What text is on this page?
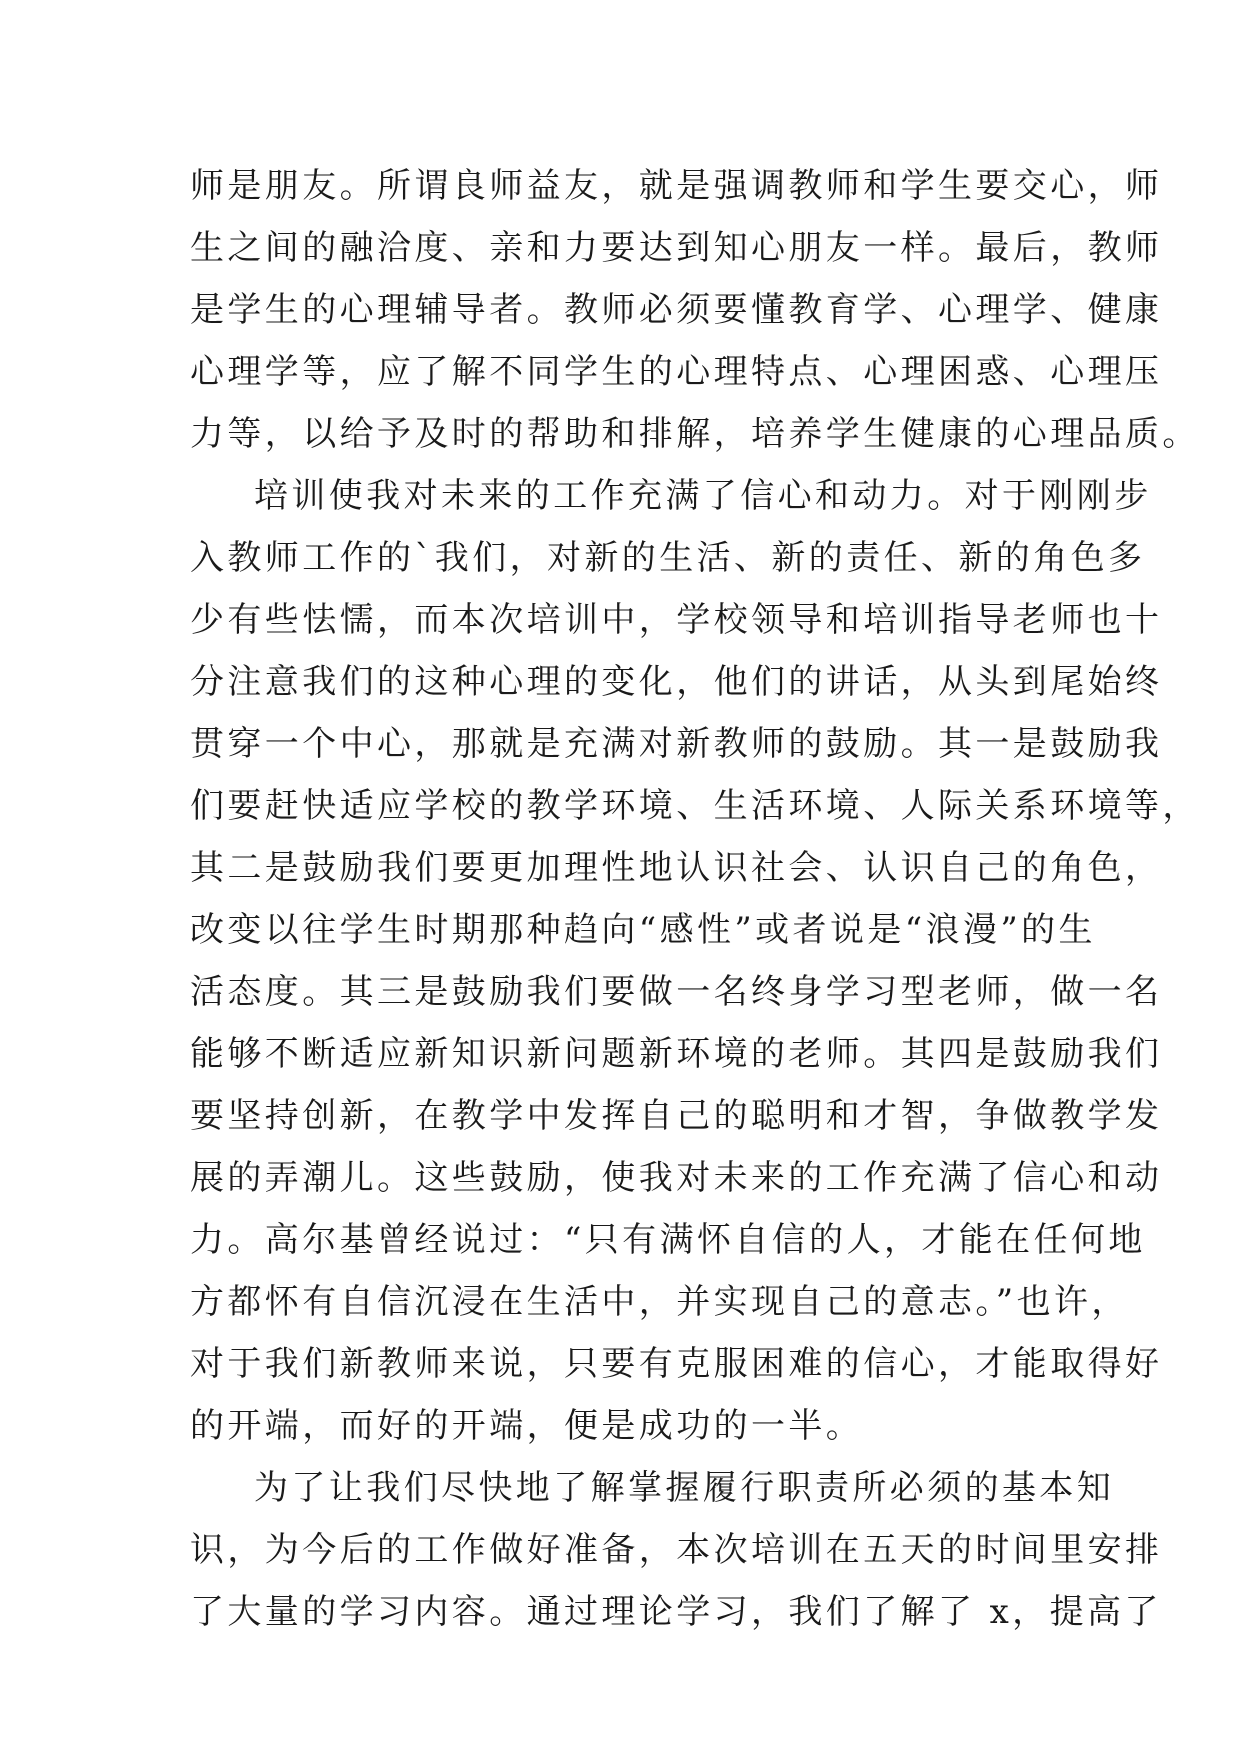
师是朋友。所谓良师益友，就是强调教师和学生要交心，师
生之间的融洽度、亲和力要达到知心朋友一样。最后，教师
是学生的心理辅导者。教师必须要懂教育学、心理学、健康
心理学等，应了解不同学生的心理特点、心理困惑、心理压
力等，以给予及时的帮助和排解，培养学生健康的心理品质。
培训使我对未来的工作充满了信心和动力。对于刚刚步
入教师工作的`我们，对新的生活、新的责任、新的角色多
少有些怯懦，而本次培训中，学校领导和培训指导老师也十
分注意我们的这种心理的变化，他们的讲话，从头到尾始终
贯穿一个中心，那就是充满对新教师的鼓励。其一是鼓励我
们要赶快适应学校的教学环境、生活环境、人际关系环境等，
其二是鼓励我们要更加理性地认识社会、认识自己的角色，
改变以往学生时期那种趋向“感性”或者说是“浪漫”的生
活态度。其三是鼓励我们要做一名终身学习型老师，做一名
能够不断适应新知识新问题新环境的老师。其四是鼓励我们
要坚持创新，在教学中发挥自己的聪明和才智，争做教学发
展的弄潮儿。这些鼓励，使我对未来的工作充满了信心和动
力。高尔基曾经说过：“只有满怀自信的人，才能在任何地
方都怀有自信沉浸在生活中，并实现自己的意志。”也许，
对于我们新教师来说，只要有克服困难的信心，才能取得好
的开端，而好的开端，便是成功的一半。
为了让我们尽快地了解掌握履行职责所必须的基本知
识，为今后的工作做好准备，本次培训在五天的时间里安排
了大量的学习内容。通过理论学习，我们了解了 x，提高了
